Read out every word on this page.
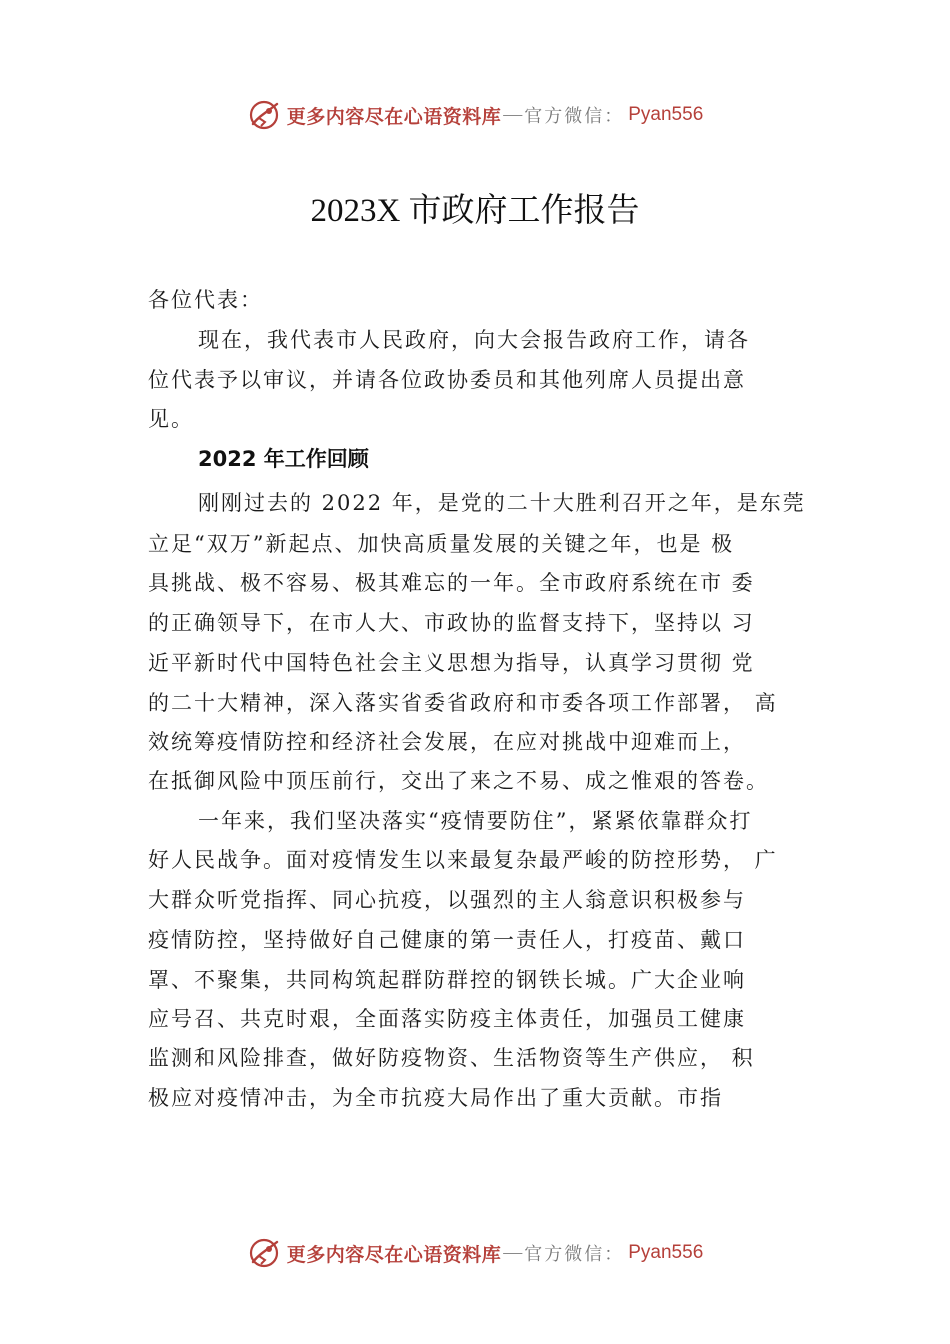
更多内容尽在心语资料库 — 官方微信： Pyan556
2023X 市政府工作报告
各位代表：
现在，我代表市人民政府，向大会报告政府工作，请各
位代表予以审议，并请各位政协委员和其他列席人员提出意
见。
2022 年工作回顾
刚刚过去的 2022 年，是党的二十大胜利召开之年，是东莞
立足“双万”新起点、加快高质量发展的关键之年，也是 极
具挑战、极不容易、极其难忘的一年。全市政府系统在市 委
的正确领导下，在市人大、市政协的监督支持下，坚持以 习
近平新时代中国特色社会主义思想为指导，认真学习贯彻 党
的二十大精神，深入落实省委省政府和市委各项工作部署， 高
效统筹疫情防控和经济社会发展，在应对挑战中迎难而上，
在抵御风险中顶压前行，交出了来之不易、成之惟艰的答卷。
一年来，我们坚决落实“疫情要防住”，紧紧依靠群众打
好人民战争。面对疫情发生以来最复杂最严峻的防控形势， 广
大群众听党指挥、同心抗疫，以强烈的主人翁意识积极参与
疫情防控，坚持做好自己健康的第一责任人，打疫苗、戴口
罩、不聚集，共同构筑起群防群控的钢铁长城。广大企业响
应号召、共克时艰，全面落实防疫主体责任，加强员工健康
监测和风险排查，做好防疫物资、生活物资等生产供应， 积
极应对疫情冲击，为全市抗疫大局作出了重大贡献。市指
更多内容尽在心语资料库 — 官方微信： Pyan556
